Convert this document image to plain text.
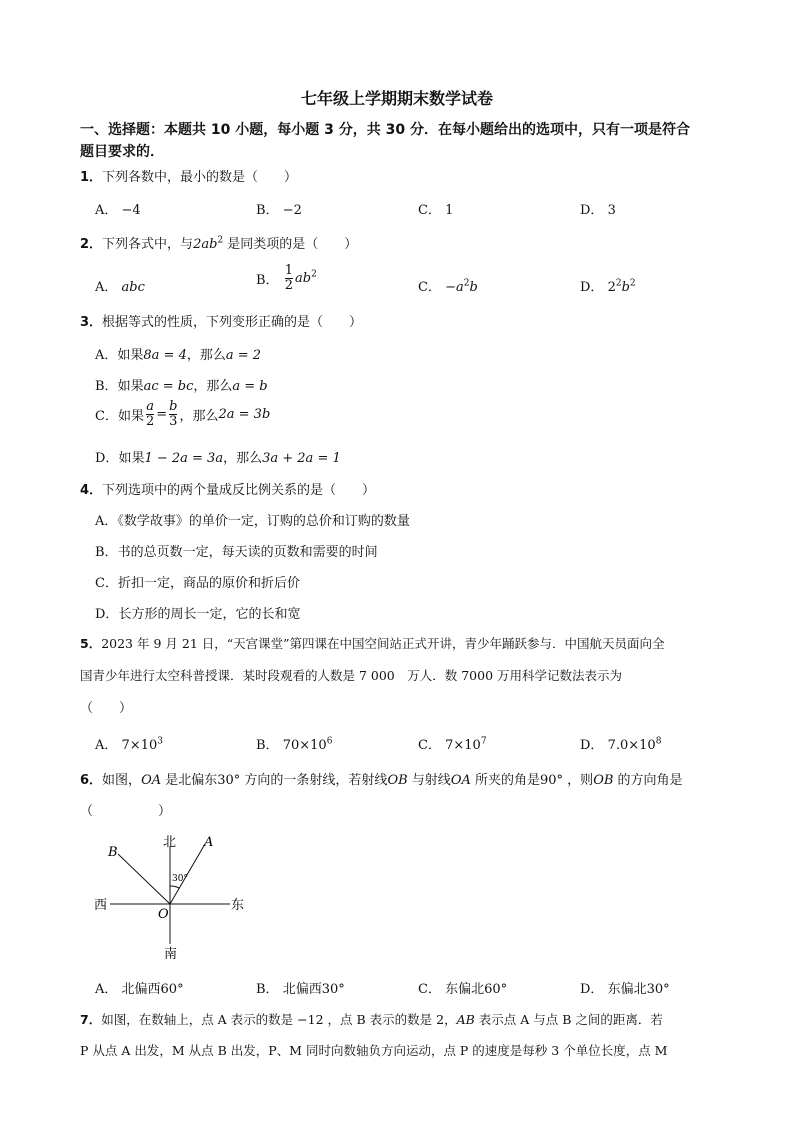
七年级上学期期末数学试卷
一、选择题：本题共 10 小题，每小题 3 分，共 30 分．在每小题给出的选项中，只有一项是符合
题目要求的．
1．下列各数中，最小的数是（　　）
A． −4	B． −2	C． 1	D． 3
2．下列各式中，与$2ab^2$ 是同类项的是（　　）
A． abc	B． $\frac{1}{2} ab^2$
C． $-a^2b$	D． $2^2b^2$
3．根据等式的性质，下列变形正确的是（　　）
A．如果8a = 4，那么a = 2
B．如果ac = bc，那么a = b
C．如果 $\frac{a}{2} = \frac{b}{3}$ ，那么2a = 3b
D．如果1 − 2a = 3a，那么3a + 2a = 1
4．下列选项中的两个量成反比例关系的是（　　）
A．《数学故事》的单价一定，订购的总价和订购的数量
B．书的总页数一定，每天读的页数和需要的时间
C．折扣一定，商品的原价和折后价
D．长方形的周长一定，它的长和宽
5．2023 年 9 月 21 日，“天宫课堂”第四课在中国空间站正式开讲，青少年踊跃参与．中国航天员面向全
国青少年进行太空科普授课．某时段观看的人数是 7 000　万人．数 7000 万用科学记数法表示为
（　　）
A． $7\times 10^3$	B． $70\times 10^6$	C． $7\times 10^7$	D． $7.0\times 10^8$
6．如图，OA 是北偏东30° 方向的一条射线，若射线OB 与射线OA 所夹的角是90° ，则OB 的方向角是
（　　　　　）
北
南
东
西
O
A
B
30°
A． 北偏西60°	B． 北偏西30°	C． 东偏北60°	D． 东偏北30°
7．如图，在数轴上，点 A 表示的数是 −12 ，点 B 表示的数是 2，AB 表示点 A 与点 B 之间的距离．若
P 从点 A 出发，M 从点 B 出发，P、M 同时向数轴负方向运动，点 P 的速度是每秒 3 个单位长度，点 M
